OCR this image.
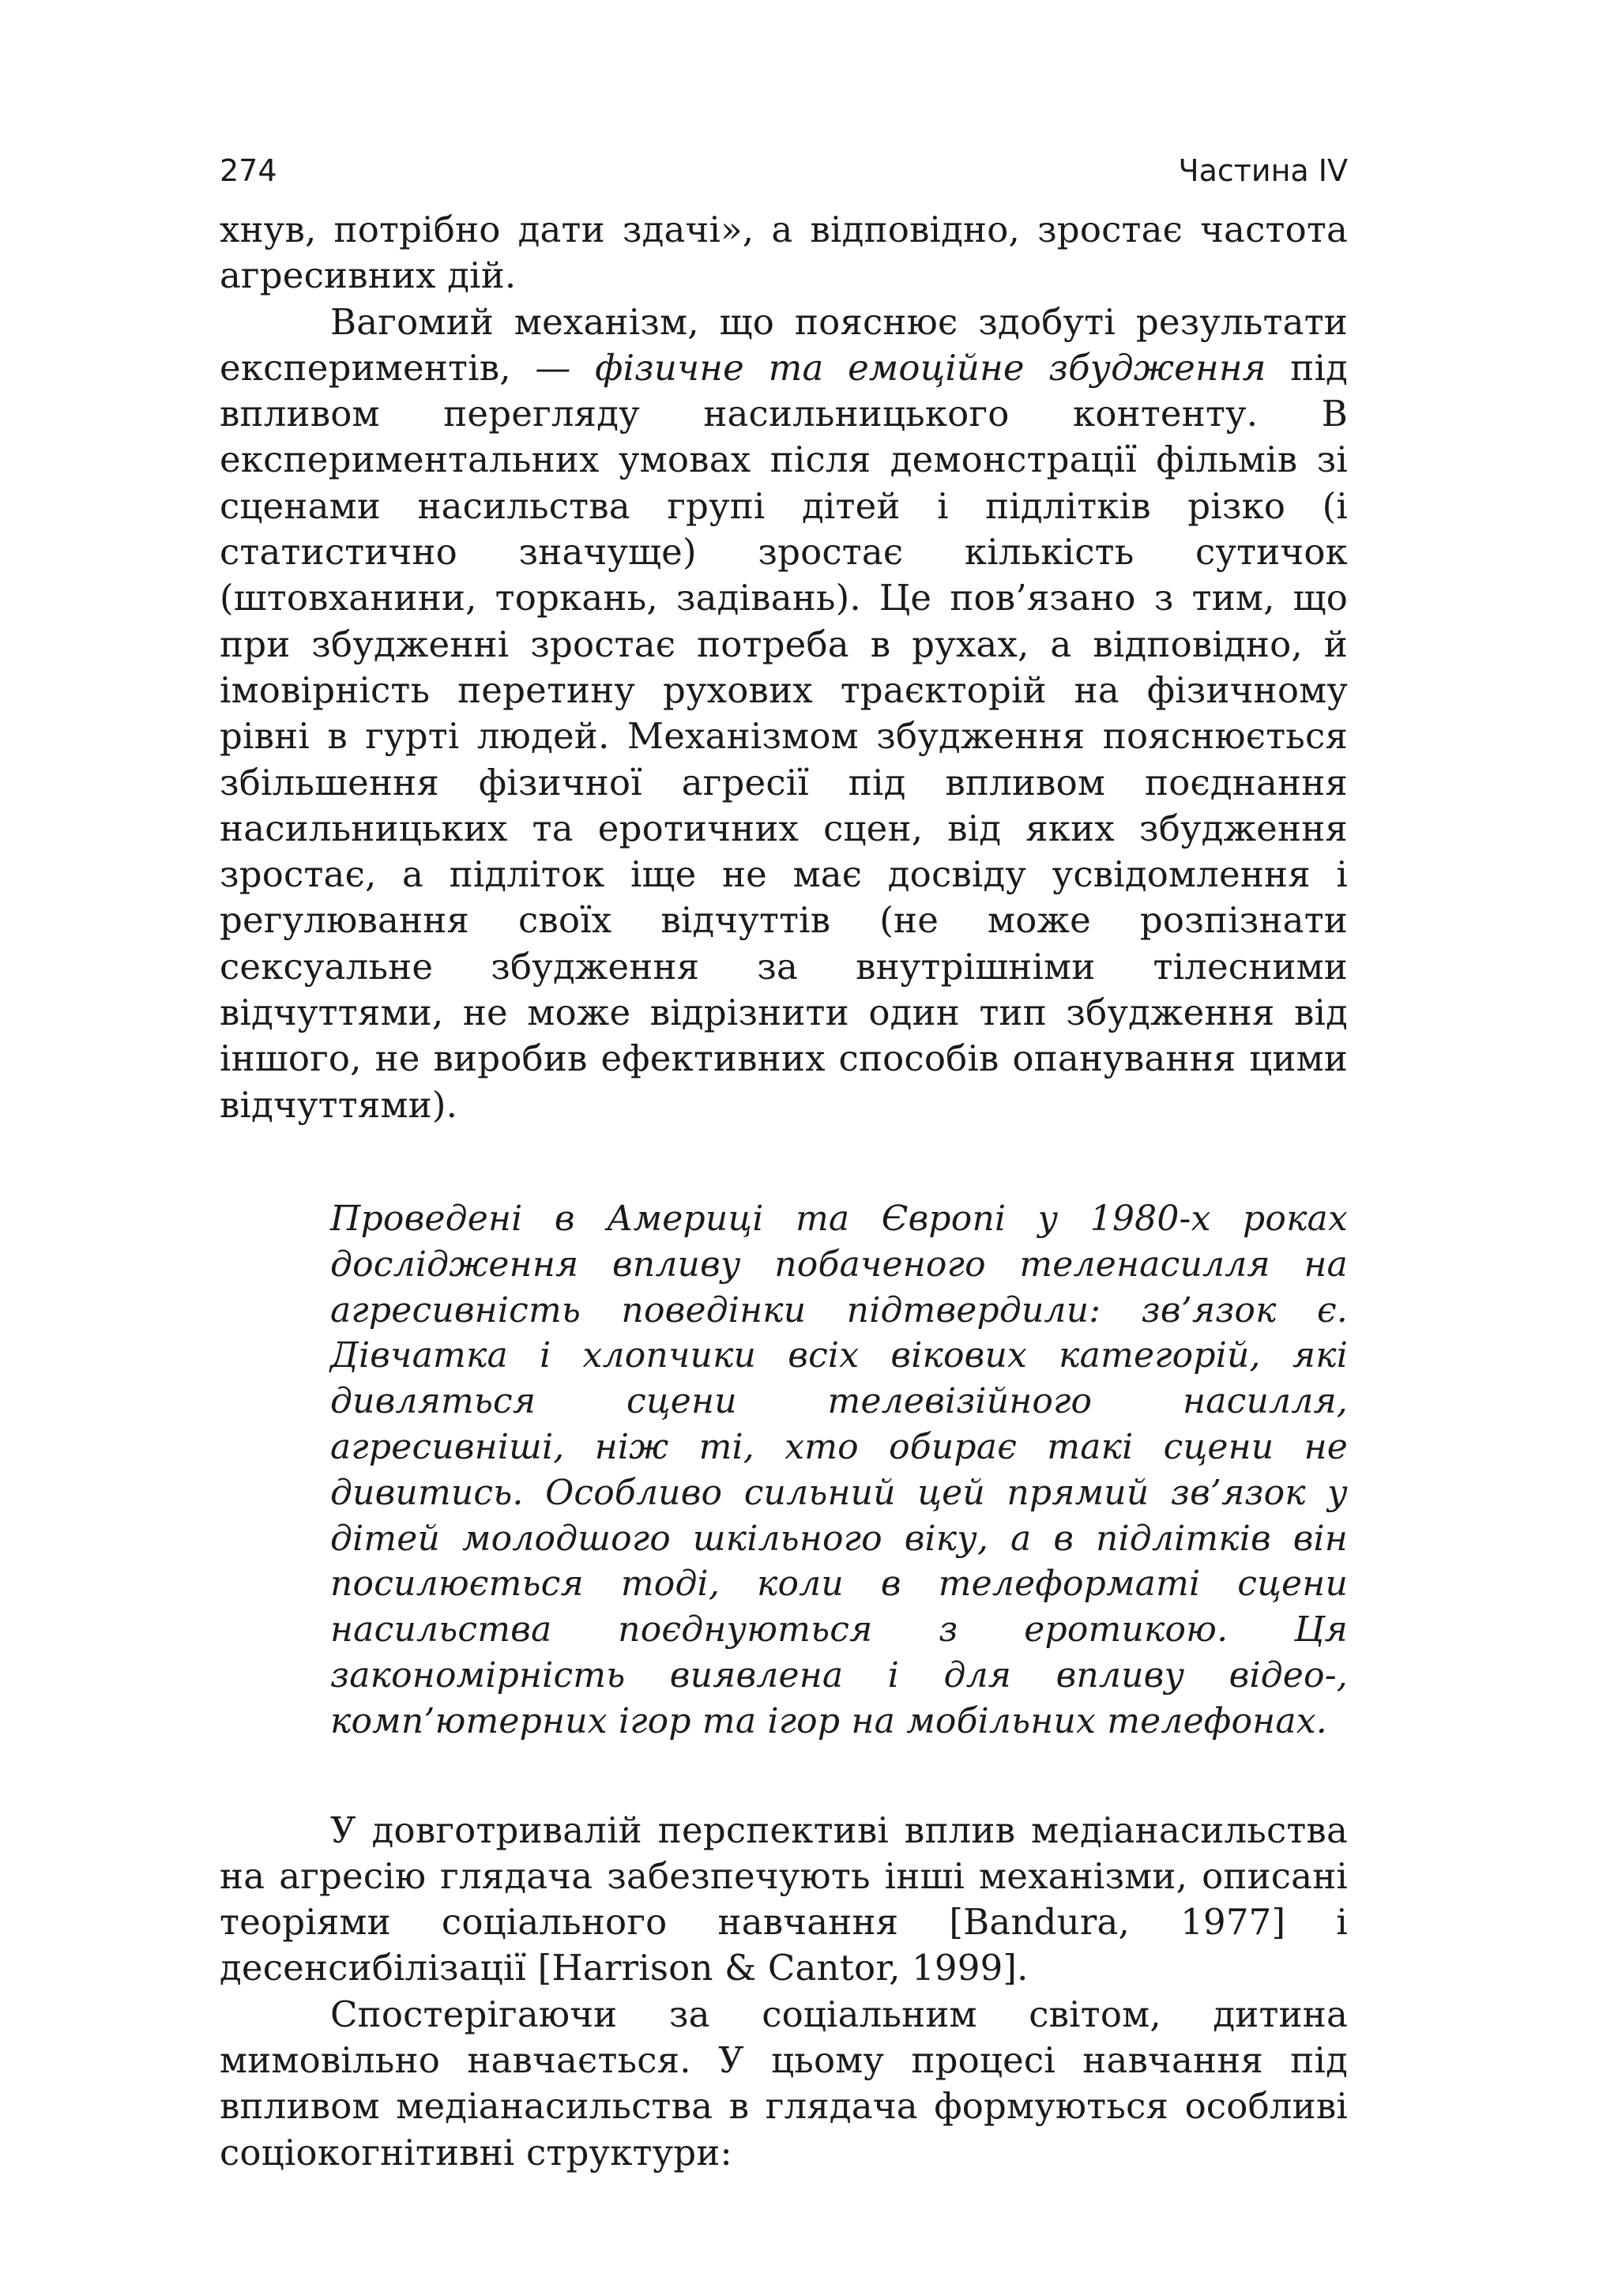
274	Частина IV

хнув, потрібно дати здачі», а відповідно, зростає частота агресивних дій.

Вагомий механізм, що пояснює здобуті результати експериментів, — фізичне та емоційне збудження під впливом перегляду насильницького контенту. В експериментальних умовах після демонстрації фільмів зі сценами насильства групі дітей і підлітків різко (і статистично значуще) зростає кількість сутичок (штовханини, торкань, задівань). Це пов’язано з тим, що при збудженні зростає потреба в рухах, а відповідно, й імовірність перетину рухових траєкторій на фізичному рівні в гурті людей. Механізмом збудження пояснюється збільшення фізичної агресії під впливом поєднання насильницьких та еротичних сцен, від яких збудження зростає, а підліток іще не має досвіду усвідомлення і регулювання своїх відчуттів (не може розпізнати сексуальне збудження за внутрішніми тілесними відчуттями, не може відрізнити один тип збудження від іншого, не виробив ефективних способів опанування цими відчуттями).

Проведені в Америці та Європі у 1980-х роках дослідження впливу побаченого теленасилля на агресивність поведінки підтвердили: зв’язок є. Дівчатка і хлопчики всіх вікових категорій, які дивляться сцени телевізійного насилля, агресивніші, ніж ті, хто обирає такі сцени не дивитись. Особливо сильний цей прямий зв’язок у дітей молодшого шкільного віку, а в підлітків він посилюється тоді, коли в телеформаті сцени насильства поєднуються з еротикою. Ця закономірність виявлена і для впливу відео-, комп’ютерних ігор та ігор на мобільних телефонах.

У довготривалій перспективі вплив медіанасильства на агресію глядача забезпечують інші механізми, описані теоріями соціального навчання [Bandura, 1977] і десенсибілізації [Harrison & Cantor, 1999].

Спостерігаючи за соціальним світом, дитина мимовільно навчається. У цьому процесі навчання під впливом медіанасильства в глядача формуються особливі соціокогнітивні структури:
